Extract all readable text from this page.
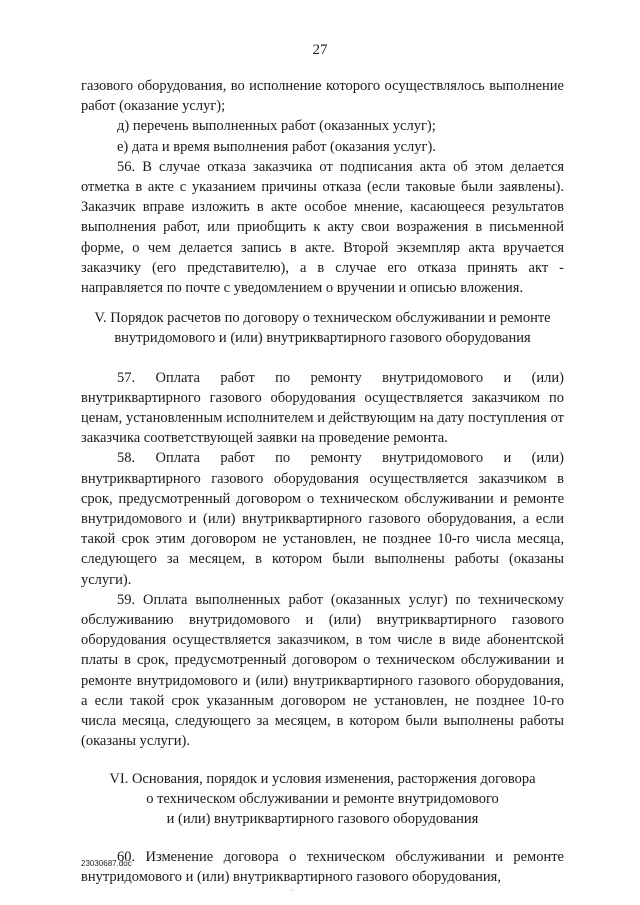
27

газового оборудования, во исполнение которого осуществлялось выполнение работ (оказание услуг);

д) перечень выполненных работ (оказанных услуг);

е) дата и время выполнения работ (оказания услуг).

56. В случае отказа заказчика от подписания акта об этом делается отметка в акте с указанием причины отказа (если таковые были заявлены). Заказчик вправе изложить в акте особое мнение, касающееся результатов выполнения работ, или приобщить к акту свои возражения в письменной форме, о чем делается запись в акте. Второй экземпляр акта вручается заказчику (его представителю), а в случае его отказа принять акт - направляется по почте с уведомлением о вручении и описью вложения.

V. Порядок расчетов по договору о техническом обслуживании и ремонте
внутридомового и (или) внутриквартирного газового оборудования

57. Оплата работ по ремонту внутридомового и (или) внутриквартирного газового оборудования осуществляется заказчиком по ценам, установленным исполнителем и действующим на дату поступления от заказчика соответствующей заявки на проведение ремонта.

58. Оплата работ по ремонту внутридомового и (или) внутриквартирного газового оборудования осуществляется заказчиком в срок, предусмотренный договором о техническом обслуживании и ремонте внутридомового и (или) внутриквартирного газового оборудования, а если такой срок этим договором не установлен, не позднее 10-го числа месяца, следующего за месяцем, в котором были выполнены работы (оказаны услуги).

59. Оплата выполненных работ (оказанных услуг) по техническому обслуживанию внутридомового и (или) внутриквартирного газового оборудования осуществляется заказчиком, в том числе в виде абонентской платы в срок, предусмотренный договором о техническом обслуживании и ремонте внутридомового и (или) внутриквартирного газового оборудования, а если такой срок указанным договором не установлен, не позднее 10-го числа месяца, следующего за месяцем, в котором были выполнены работы (оказаны услуги).

VI. Основания, порядок и условия изменения, расторжения договора
о техническом обслуживании и ремонте внутридомового
и (или) внутриквартирного газового оборудования

60. Изменение договора о техническом обслуживании и ремонте внутридомового и (или) внутриквартирного газового оборудования,

23030687.doc
·:·
